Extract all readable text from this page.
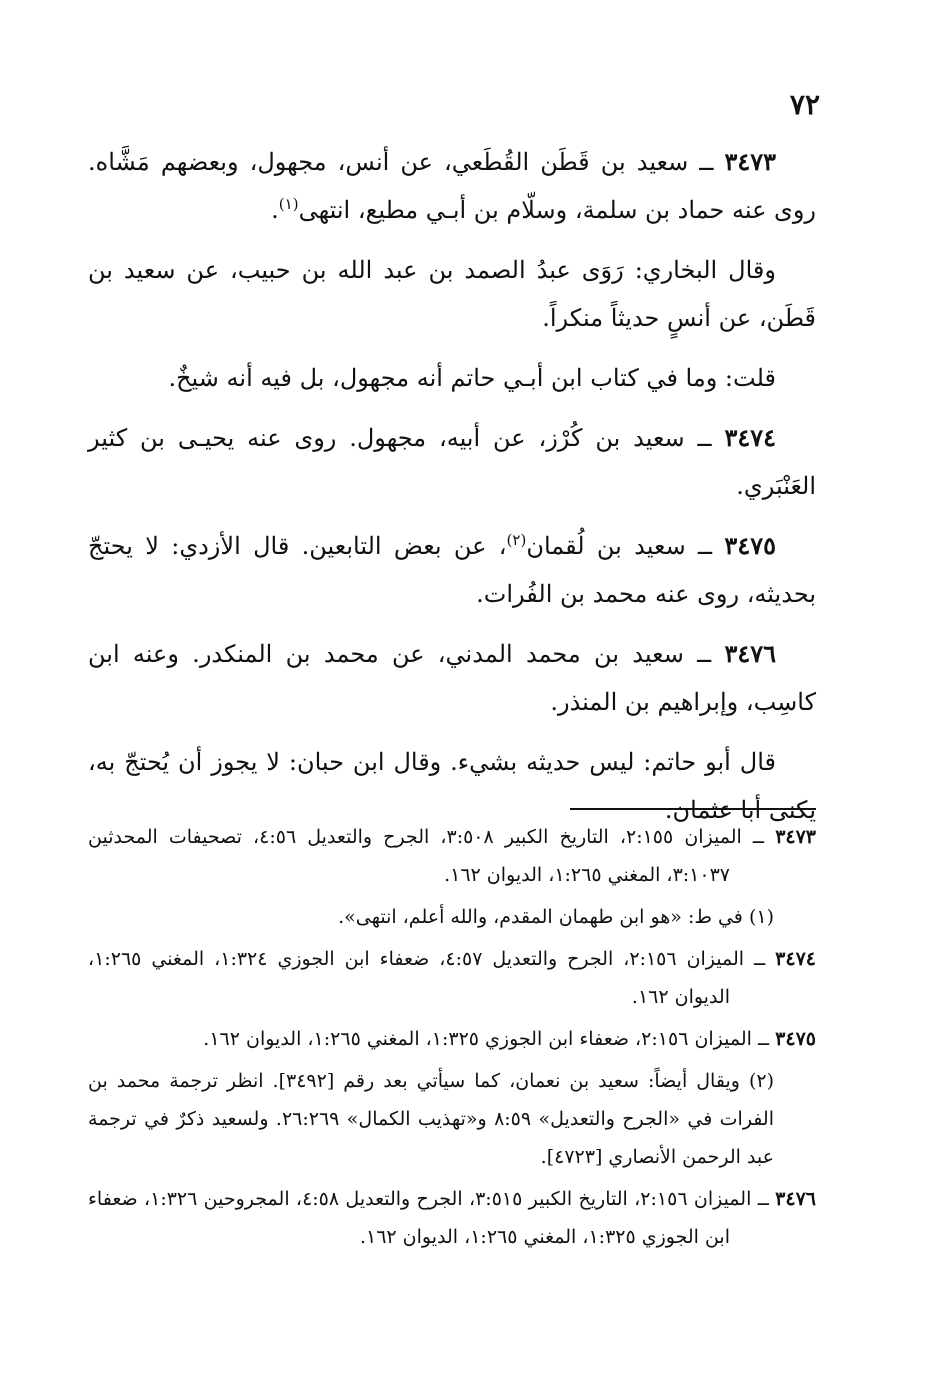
٧٢

٣٤٧٣ ــ سعيد بن قَطَن القُطَعي، عن أنس، مجهول، وبعضهم مَشَّاه. روى عنه حماد بن سلمة، وسلّام بن أبـي مطيع، انتهى$^{(١)}$.

وقال البخاري: رَوَى عبدُ الصمد بن عبد الله بن حبيب، عن سعيد بن قَطَن، عن أنسٍ حديثاً منكراً.

قلت: وما في كتاب ابن أبـي حاتم أنه مجهول، بل فيه أنه شيخٌ.

٣٤٧٤ ــ سعيد بن كُرْز، عن أبيه، مجهول. روى عنه يحيـى بن كثير العَنْبَري.

٣٤٧٥ ــ سعيد بن لُقمان$^{(٢)}$، عن بعض التابعين. قال الأزدي: لا يحتجّ بحديثه، روى عنه محمد بن الفُرات.

٣٤٧٦ ــ سعيد بن محمد المدني، عن محمد بن المنكدر. وعنه ابن كاسِب، وإبراهيم بن المنذر.

قال أبو حاتم: ليس حديثه بشيء. وقال ابن حبان: لا يجوز أن يُحتجّ به، يكنى أبا عثمان.

٣٤٧٣ ــ الميزان ٢:١٥٥، التاريخ الكبير ٣:٥٠٨، الجرح والتعديل ٤:٥٦، تصحيفات المحدثين ٣:١٠٣٧، المغني ١:٢٦٥، الديوان ١٦٢.

(١) في ط: «هو ابن طهمان المقدم، والله أعلم، انتهى».

٣٤٧٤ ــ الميزان ٢:١٥٦، الجرح والتعديل ٤:٥٧، ضعفاء ابن الجوزي ١:٣٢٤، المغني ١:٢٦٥، الديوان ١٦٢.

٣٤٧٥ ــ الميزان ٢:١٥٦، ضعفاء ابن الجوزي ١:٣٢٥، المغني ١:٢٦٥، الديوان ١٦٢.

(٢) ويقال أيضاً: سعيد بن نعمان، كما سيأتي بعد رقم [٣٤٩٢]. انظر ترجمة محمد بن الفرات في «الجرح والتعديل» ٨:٥٩ و«تهذيب الكمال» ٢٦:٢٦٩. ولسعيد ذكرٌ في ترجمة عبد الرحمن الأنصاري [٤٧٢٣].

٣٤٧٦ ــ الميزان ٢:١٥٦، التاريخ الكبير ٣:٥١٥، الجرح والتعديل ٤:٥٨، المجروحين ١:٣٢٦، ضعفاء ابن الجوزي ١:٣٢٥، المغني ١:٢٦٥، الديوان ١٦٢.
